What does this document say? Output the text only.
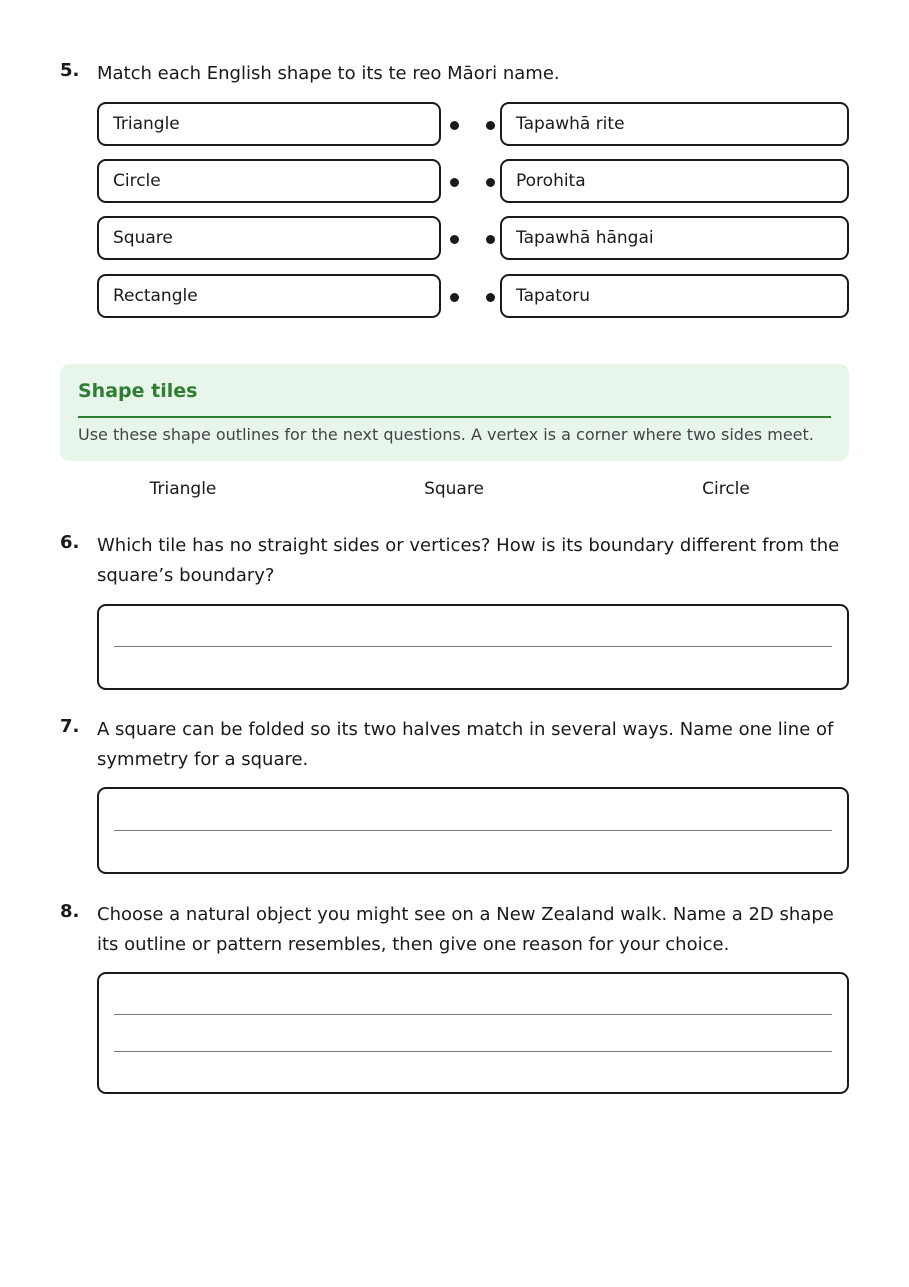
5. Match each English shape to its te reo Māori name.
Triangle
Circle
Square
Rectangle
Tapawhā rite
Porohita
Tapawhā hāngai
Tapatoru
Shape tiles
Use these shape outlines for the next questions. A vertex is a corner where two sides meet.
Triangle	Square	Circle
6. Which tile has no straight sides or vertices? How is its boundary different from the square’s boundary?
7. A square can be folded so its two halves match in several ways. Name one line of symmetry for a square.
8. Choose a natural object you might see on a New Zealand walk. Name a 2D shape its outline or pattern resembles, then give one reason for your choice.
